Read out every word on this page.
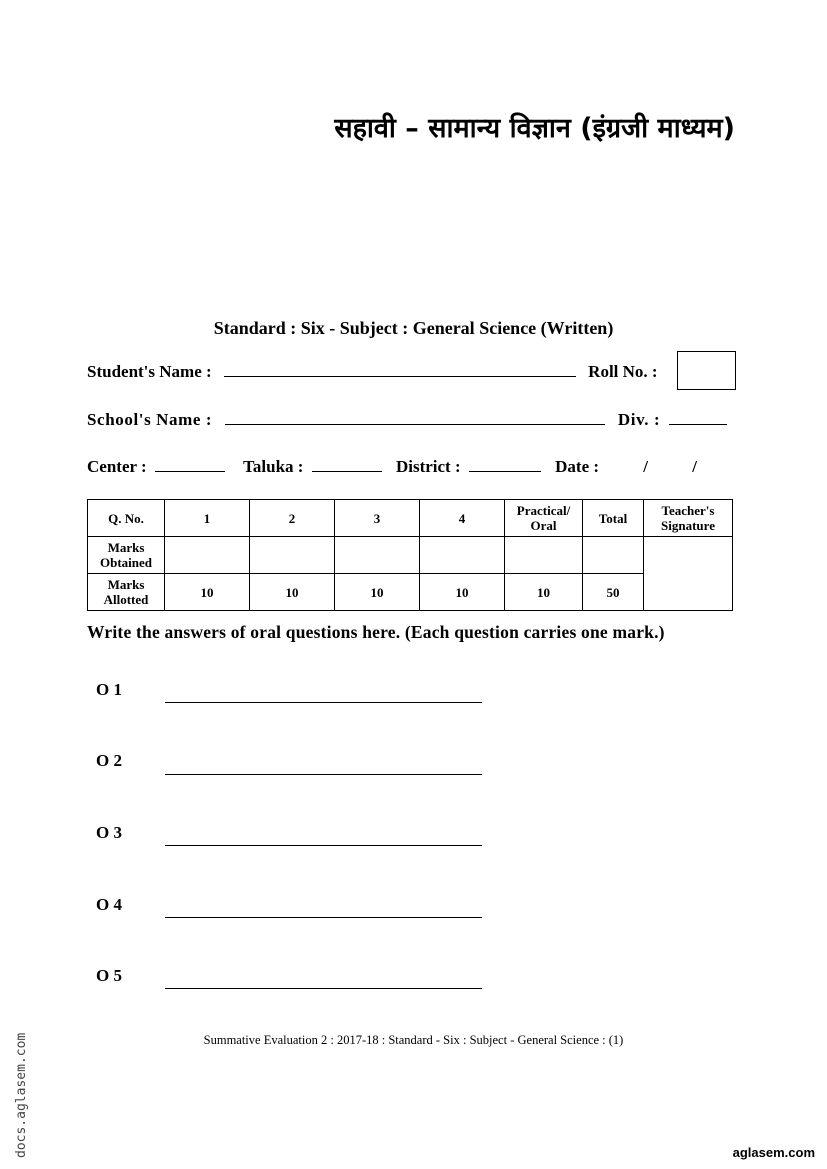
सहावी – सामान्य विज्ञान (इंग्रजी माध्यम)
Standard : Six - Subject : General Science (Written)
Student's Name :	Roll No. :
School's Name :	Div. :
Center :	Taluka :	District :	Date :	/	/
Q. No.	1	2	3	4	Practical/ Oral	Total	Teacher's Signature
Marks Obtained							
Marks Allotted	10	10	10	10	10	50	
Write the answers of oral questions here. (Each question carries one mark.)
O 1
O 2
O 3
O 4
O 5
Summative Evaluation 2 : 2017-18 : Standard - Six : Subject - General Science : (1)
docs.aglasem.com	aglasem.com
